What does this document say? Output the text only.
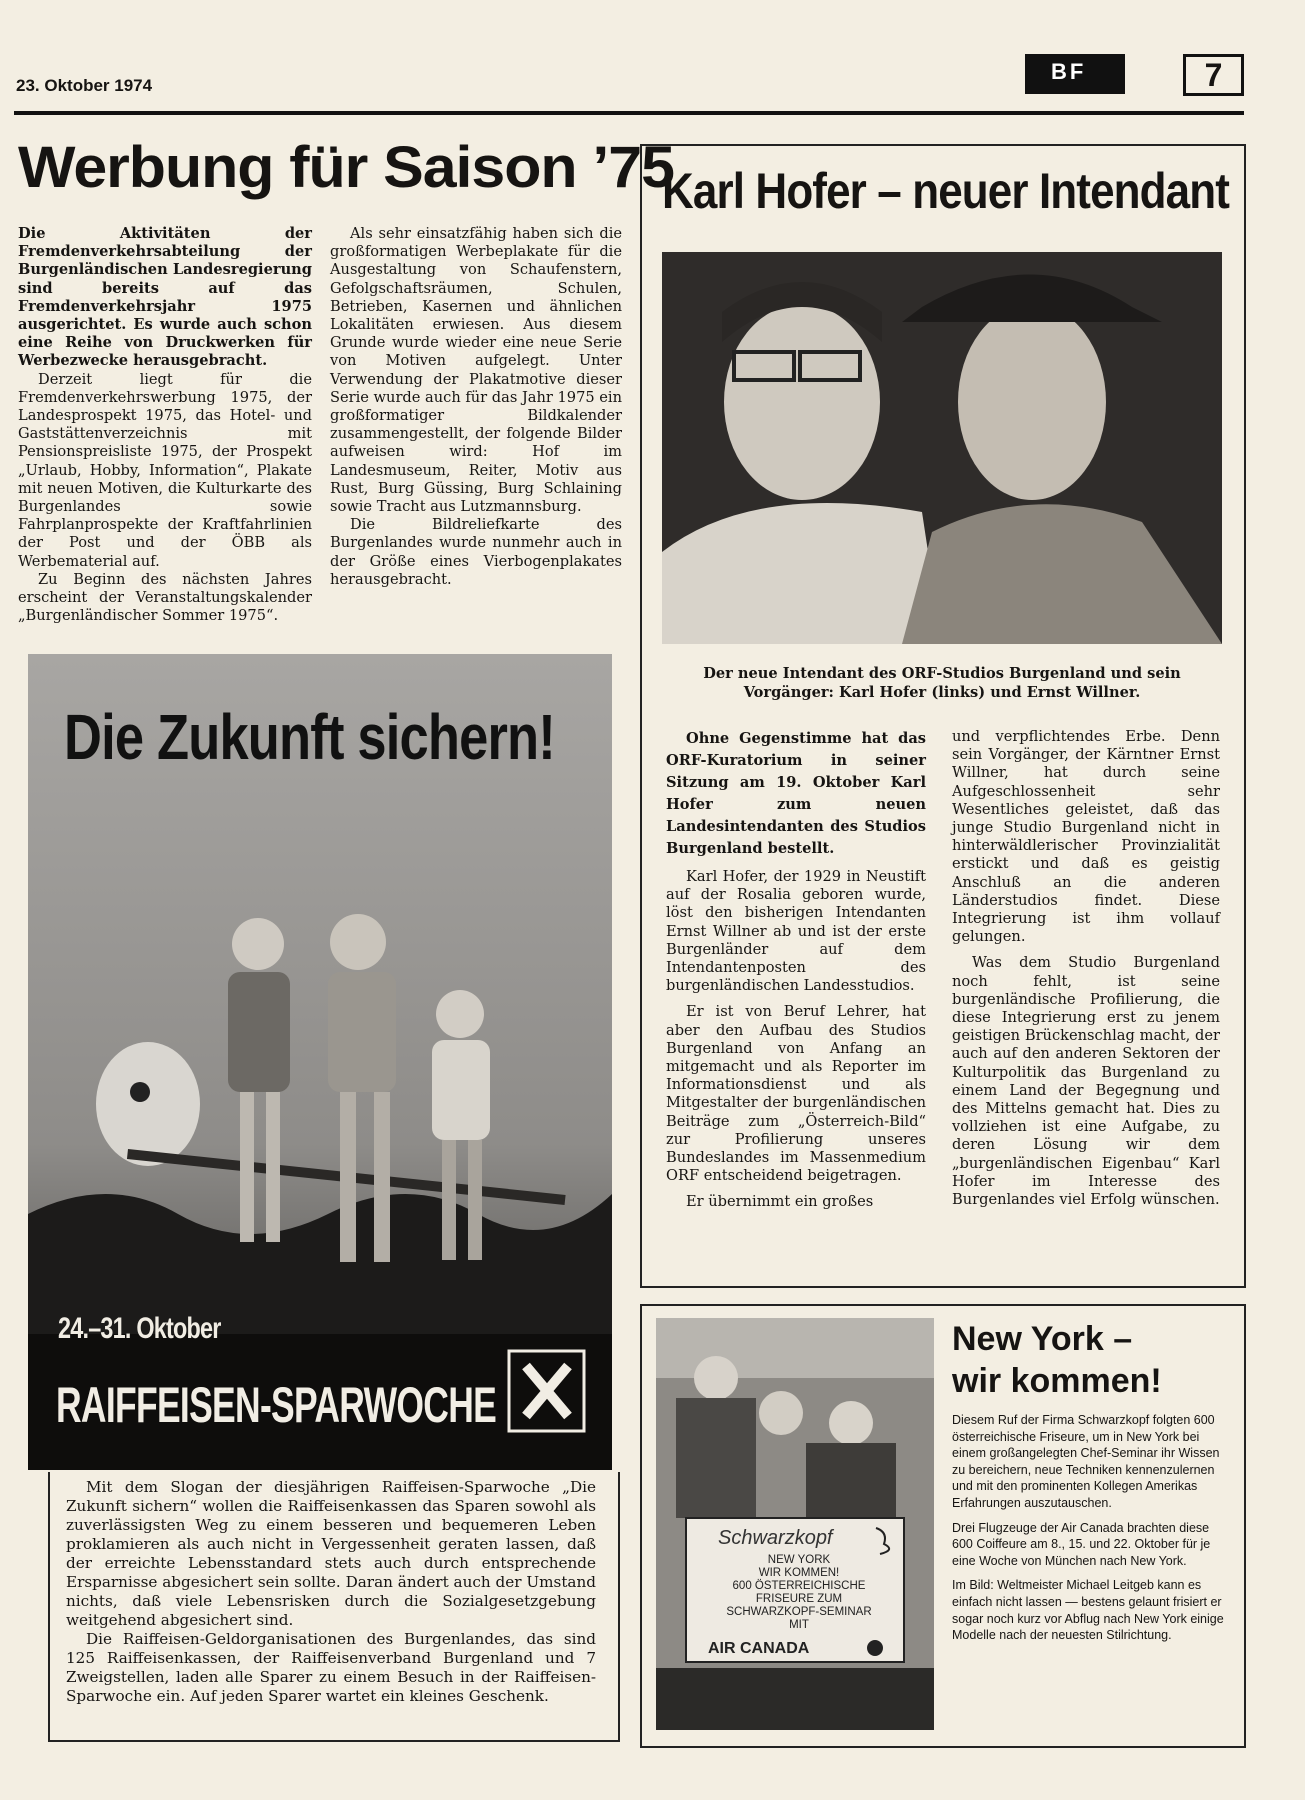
23. Oktober 1974
BF	7
Werbung für Saison ’75

Die Aktivitäten der Fremdenverkehrsabteilung der Burgenländischen Landesregierung sind bereits auf das Fremdenverkehrsjahr 1975 ausgerichtet. Es wurde auch schon eine Reihe von Druckwerken für Werbezwecke herausgebracht.

Derzeit liegt für die Fremdenverkehrswerbung 1975, der Landesprospekt 1975, das Hotel- und Gaststättenverzeichnis mit Pensionspreisliste 1975, der Prospekt „Urlaub, Hobby, Information“, Plakate mit neuen Motiven, die Kulturkarte des Burgenlandes sowie Fahrplanprospekte der Kraftfahrlinien der Post und der ÖBB als Werbematerial auf.

Zu Beginn des nächsten Jahres erscheint der Veranstaltungskalender „Burgenländischer Sommer 1975“.

Als sehr einsatzfähig haben sich die großformatigen Werbeplakate für die Ausgestaltung von Schaufenstern, Gefolgschaftsräumen, Schulen, Betrieben, Kasernen und ähnlichen Lokalitäten erwiesen. Aus diesem Grunde wurde wieder eine neue Serie von Motiven aufgelegt. Unter Verwendung der Plakatmotive dieser Serie wurde auch für das Jahr 1975 ein großformatiger Bildkalender zusammengestellt, der folgende Bilder aufweisen wird: Hof im Landesmuseum, Reiter, Motiv aus Rust, Burg Güssing, Burg Schlaining sowie Tracht aus Lutzmannsburg.

Die Bildreliefkarte des Burgenlandes wurde nunmehr auch in der Größe eines Vierbogenplakates herausgebracht.

Die Zukunft sichern!
24.–31. Oktober
RAIFFEISEN-SPARWOCHE

Mit dem Slogan der diesjährigen Raiffeisen-Sparwoche „Die Zukunft sichern“ wollen die Raiffeisenkassen das Sparen sowohl als zuverlässigsten Weg zu einem besseren und bequemeren Leben proklamieren als auch nicht in Vergessenheit geraten lassen, daß der erreichte Lebensstandard stets auch durch entsprechende Ersparnisse abgesichert sein sollte. Daran ändert auch der Umstand nichts, daß viele Lebensrisken durch die Sozialgesetzgebung weitgehend abgesichert sind.

Die Raiffeisen-Geldorganisationen des Burgenlandes, das sind 125 Raiffeisenkassen, der Raiffeisenverband Burgenland und 7 Zweigstellen, laden alle Sparer zu einem Besuch in der Raiffeisen-Sparwoche ein. Auf jeden Sparer wartet ein kleines Geschenk.

Karl Hofer – neuer Intendant
Der neue Intendant des ORF-Studios Burgenland und sein Vorgänger: Karl Hofer (links) und Ernst Willner.

Ohne Gegenstimme hat das ORF-Kuratorium in seiner Sitzung am 19. Oktober Karl Hofer zum neuen Landesintendanten des Studios Burgenland bestellt.

Karl Hofer, der 1929 in Neustift auf der Rosalia geboren wurde, löst den bisherigen Intendanten Ernst Willner ab und ist der erste Burgenländer auf dem Intendantenposten des burgenländischen Landesstudios.

Er ist von Beruf Lehrer, hat aber den Aufbau des Studios Burgenland von Anfang an mitgemacht und als Reporter im Informationsdienst und als Mitgestalter der burgenländischen Beiträge zum „Österreich-Bild“ zur Profilierung unseres Bundeslandes im Massenmedium ORF entscheidend beigetragen.

Er übernimmt ein großes

und verpflichtendes Erbe. Denn sein Vorgänger, der Kärntner Ernst Willner, hat durch seine Aufgeschlossenheit sehr Wesentliches geleistet, daß das junge Studio Burgenland nicht in hinterwäldlerischer Provinzialität erstickt und daß es geistig Anschluß an die anderen Länderstudios findet. Diese Integrierung ist ihm vollauf gelungen.

Was dem Studio Burgenland noch fehlt, ist seine burgenländische Profilierung, die diese Integrierung erst zu jenem geistigen Brückenschlag macht, der auch auf den anderen Sektoren der Kulturpolitik das Burgenland zu einem Land der Begegnung und des Mittelns gemacht hat. Dies zu vollziehen ist eine Aufgabe, zu deren Lösung wir dem „burgenländischen Eigenbau“ Karl Hofer im Interesse des Burgenlandes viel Erfolg wünschen.

Schwarzkopf
NEW YORK
WIR KOMMEN!
600 ÖSTERREICHISCHE
FRISEURE ZUM
SCHWARZKOPF-SEMINAR
MIT
AIR CANADA
New York –
wir kommen!

Diesem Ruf der Firma Schwarzkopf folgten 600 österreichische Friseure, um in New York bei einem großangelegten Chef-Seminar ihr Wissen zu bereichern, neue Techniken kennenzulernen und mit den prominenten Kollegen Amerikas Erfahrungen auszutauschen.

Drei Flugzeuge der Air Canada brachten diese 600 Coiffeure am 8., 15. und 22. Oktober für je eine Woche von München nach New York.

Im Bild: Weltmeister Michael Leitgeb kann es einfach nicht lassen — bestens gelaunt frisiert er sogar noch kurz vor Abflug nach New York einige Modelle nach der neuesten Stilrichtung.
